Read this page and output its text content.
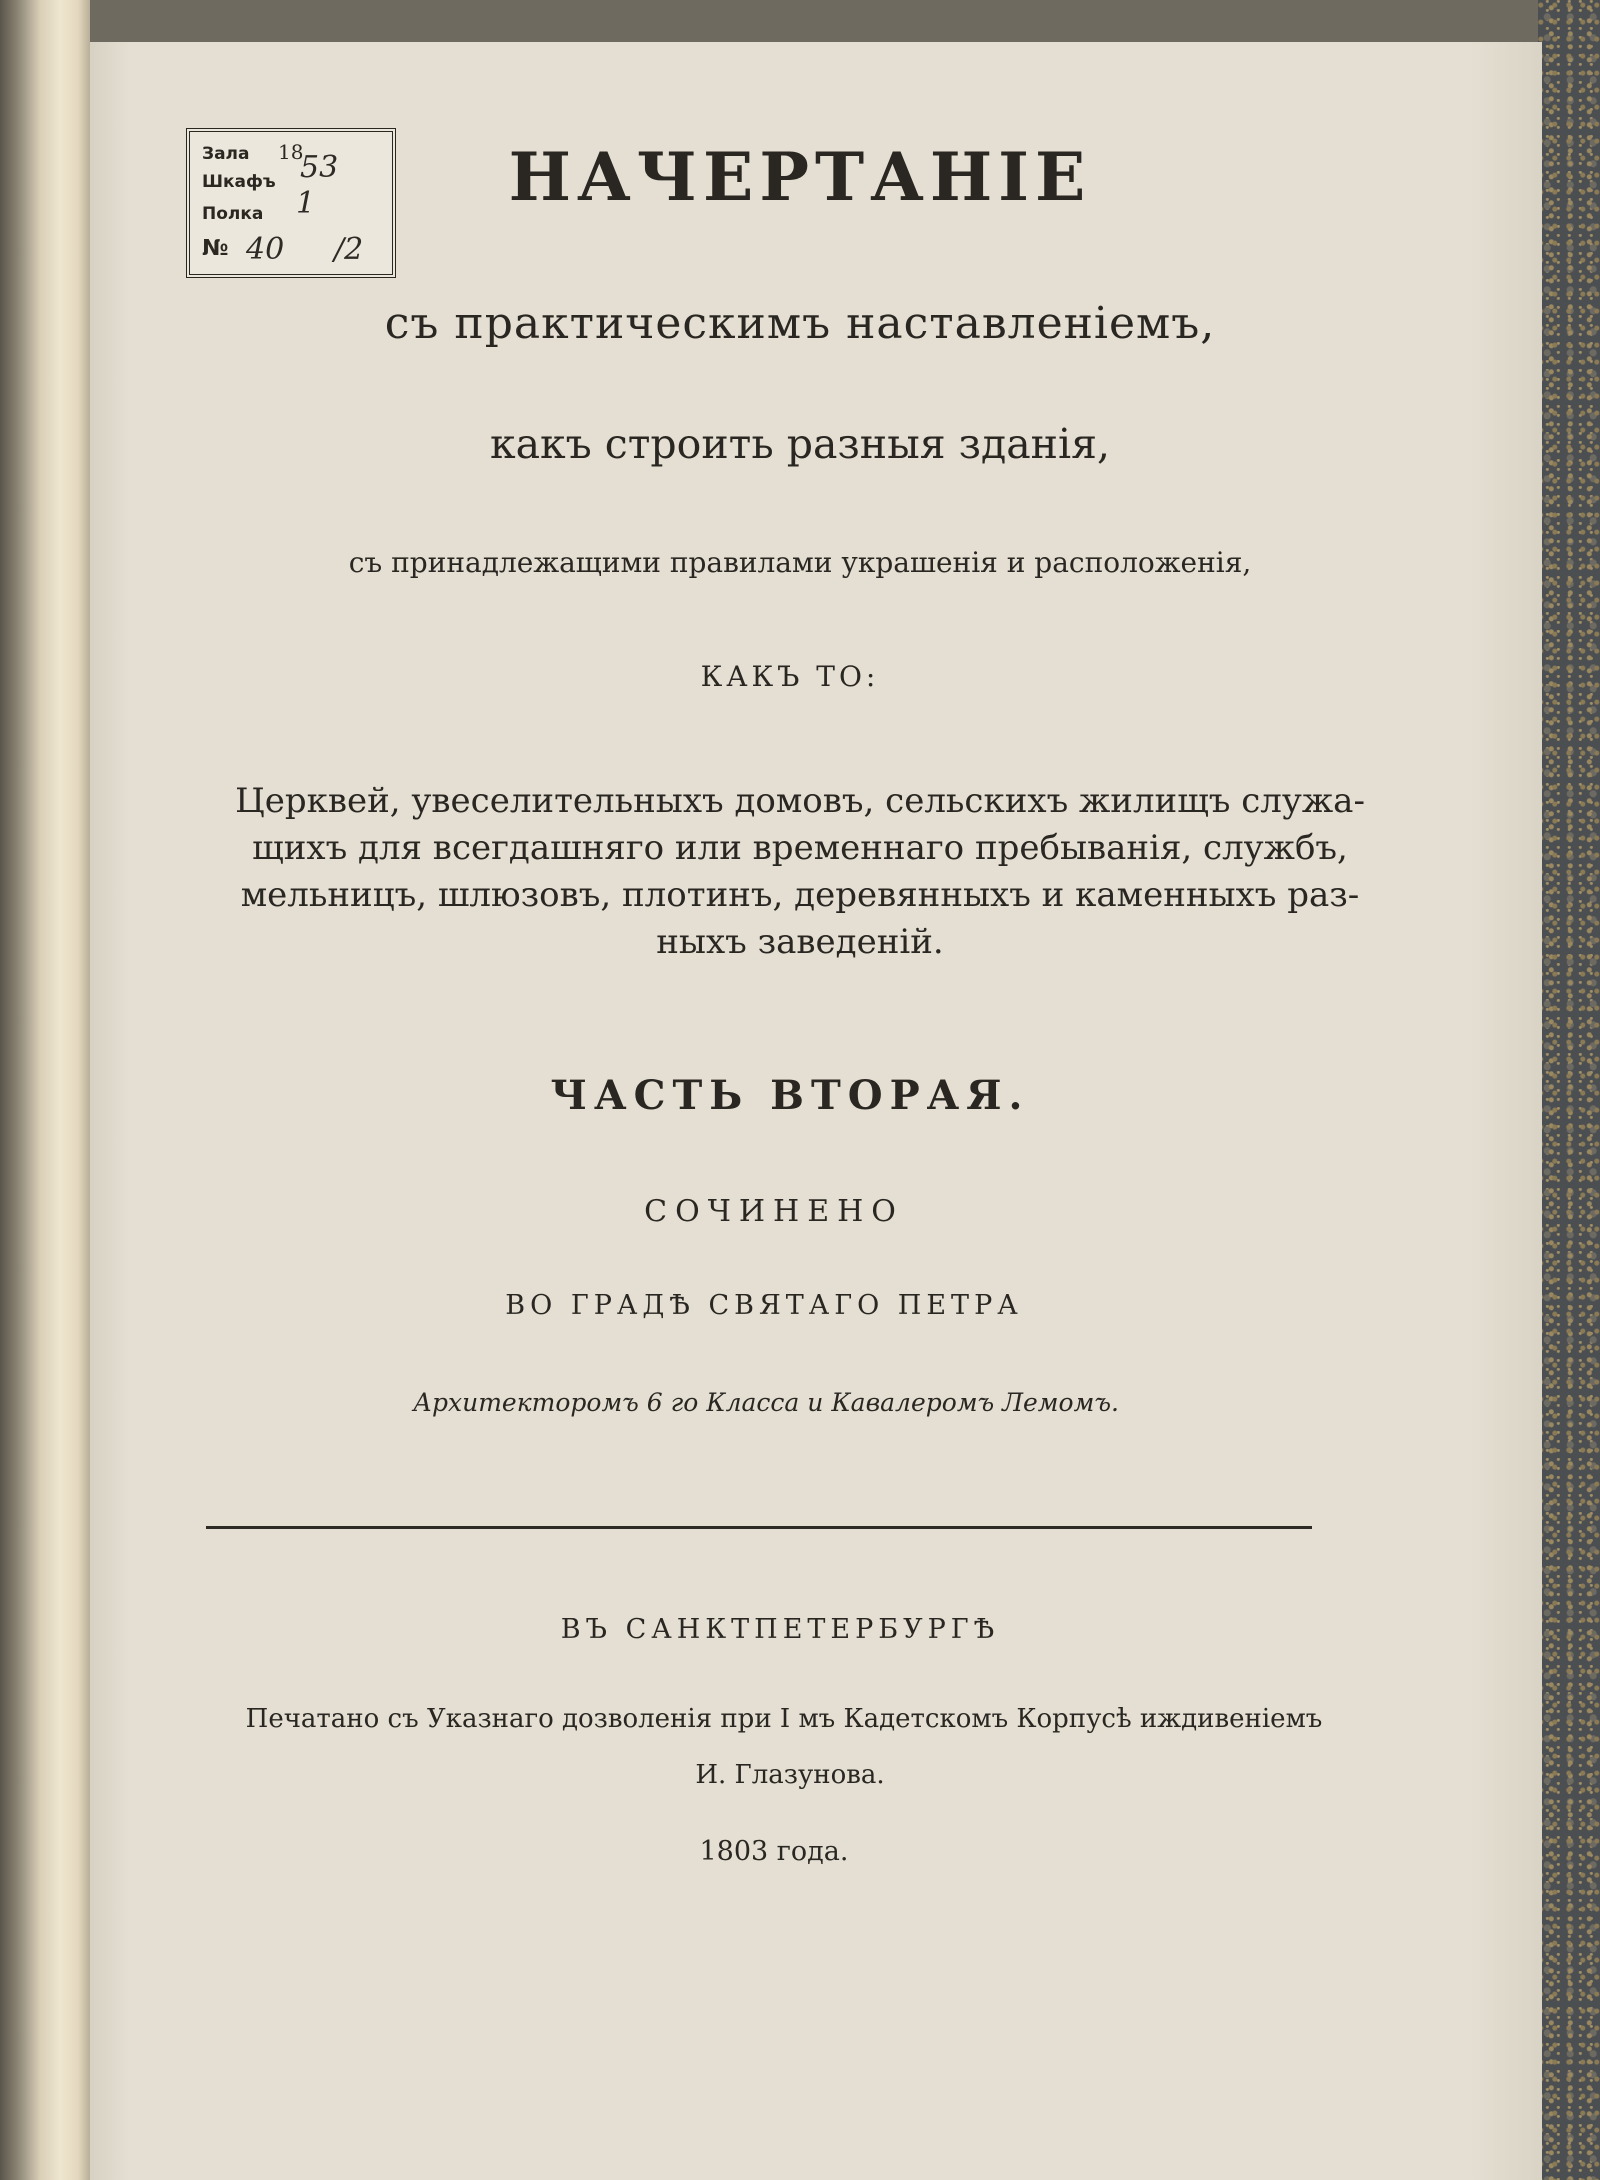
Зала	18
Шкафъ
Полка
№
53
1
40 /2
НАЧЕРТАНІЕ
съ практическимъ наставленіемъ,
какъ строить разныя зданія,
съ принадлежащими правилами украшенія и расположенія,
КАКЪ ТО:
Церквей, увеселительныхъ домовъ, сельскихъ жилищъ служа-
щихъ для всегдашняго или временнаго пребыванія, службъ,
мельницъ, шлюзовъ, плотинъ, деревянныхъ и каменныхъ раз-
ныхъ заведеній.
ЧАСТЬ ВТОРАЯ.
СОЧИНЕНО
ВО ГРАДѢ СВЯТАГО ПЕТРА
Архитекторомъ 6 го Класса и Кавалеромъ Лемомъ.
ВЪ САНКТПЕТЕРБУРГѢ
Печатано съ Указнаго дозволенія при I мъ Кадетскомъ Корпусѣ иждивеніемъ
И. Глазунова.
1803 года.
